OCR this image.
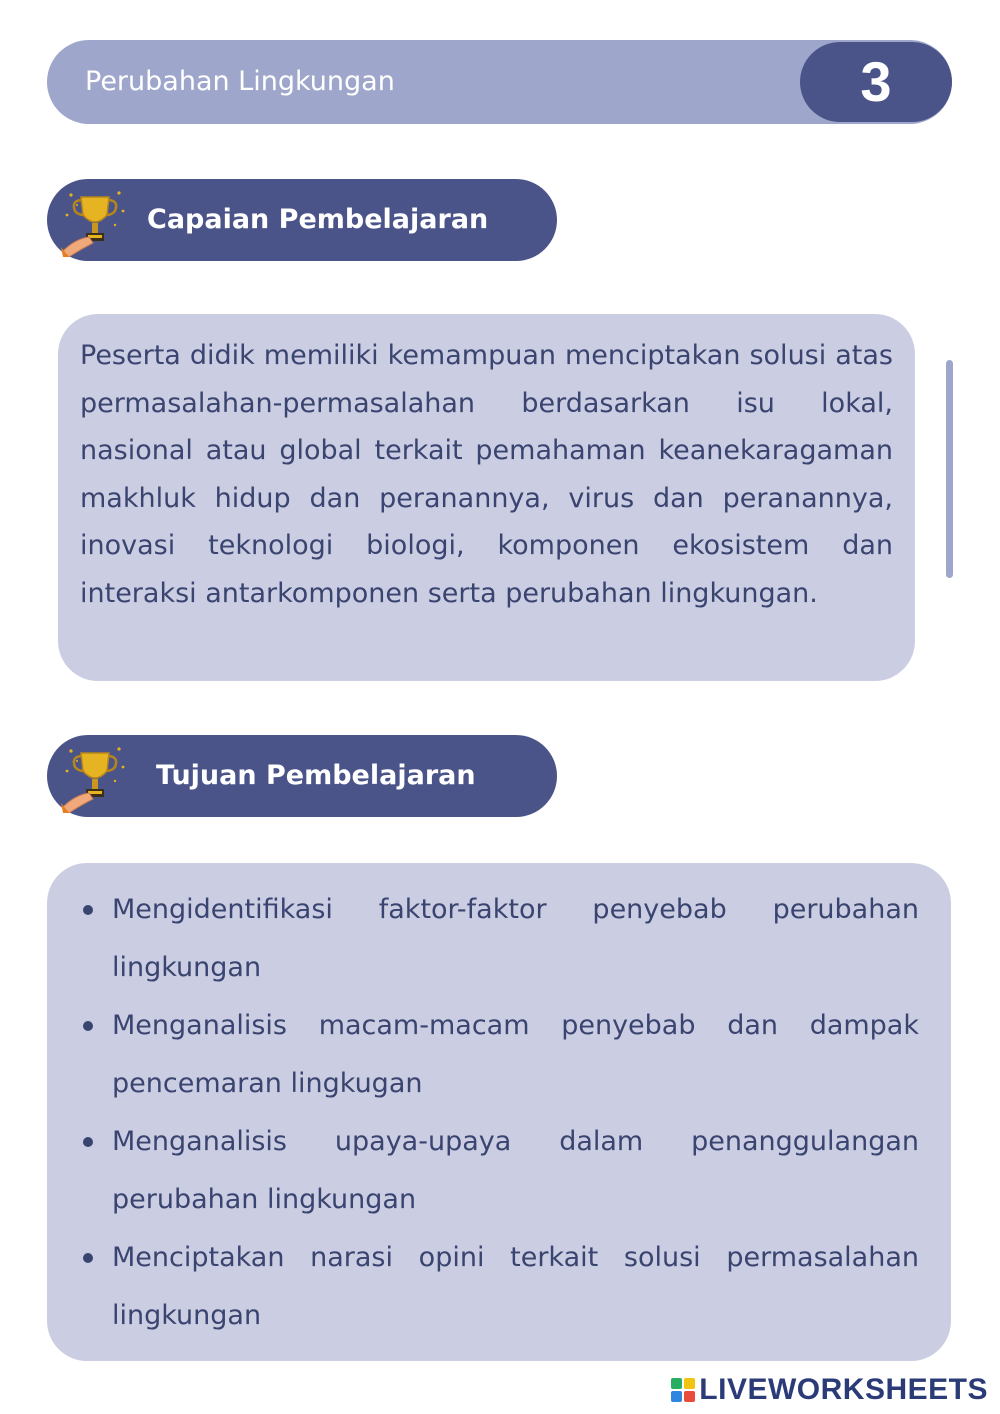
Perubahan Lingkungan	3
Capaian Pembelajaran
Peserta didik memiliki kemampuan menciptakan solusi atas permasalahan-permasalahan berdasarkan isu lokal, nasional atau global terkait pemahaman keanekaragaman makhluk hidup dan peranannya, virus dan peranannya, inovasi teknologi biologi, komponen ekosistem dan interaksi antarkomponen serta perubahan lingkungan.
Tujuan Pembelajaran
Mengidentifikasi faktor-faktor penyebab perubahan lingkungan
Menganalisis macam-macam penyebab dan dampak pencemaran lingkugan
Menganalisis upaya-upaya dalam penanggulangan perubahan lingkungan
Menciptakan narasi opini terkait solusi permasalahan lingkungan
LIVEWORKSHEETS
